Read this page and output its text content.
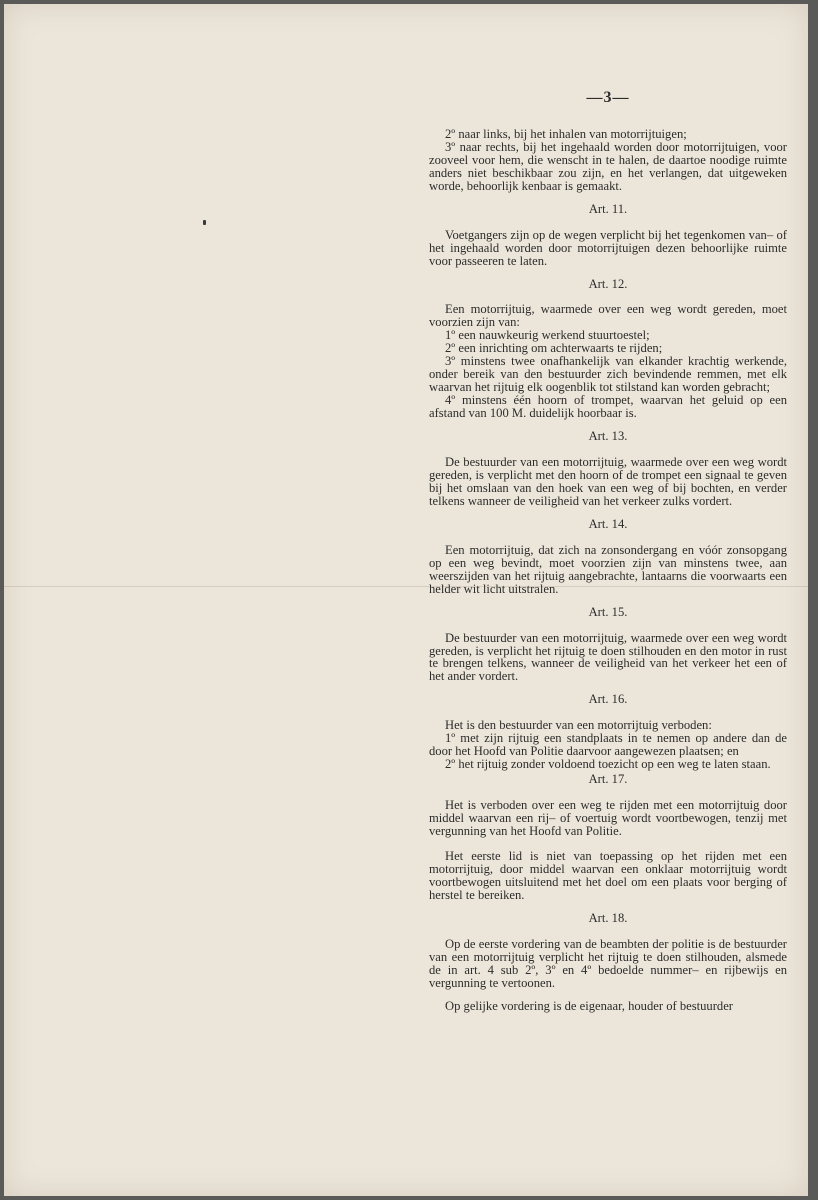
—3—

2º naar links, bij het inhalen van motorrijtuigen;

3º naar rechts, bij het ingehaald worden door motorrijtuigen, voor zooveel voor hem, die wenscht in te halen, de daartoe noodige ruimte anders niet beschikbaar zou zijn, en het verlangen, dat uitgeweken worde, behoorlijk kenbaar is gemaakt.

Art. 11.

Voetgangers zijn op de wegen verplicht bij het tegenkomen van– of het ingehaald worden door motorrijtuigen dezen behoorlijke ruimte voor passeeren te laten.

Art. 12.

Een motorrijtuig, waarmede over een weg wordt gereden, moet voorzien zijn van:

1º een nauwkeurig werkend stuurtoestel;

2º een inrichting om achterwaarts te rijden;

3º minstens twee onafhankelijk van elkander krachtig werkende, onder bereik van den bestuurder zich bevindende remmen, met elk waarvan het rijtuig elk oogenblik tot stilstand kan worden gebracht;

4º minstens één hoorn of trompet, waarvan het geluid op een afstand van 100 M. duidelijk hoorbaar is.

Art. 13.

De bestuurder van een motorrijtuig, waarmede over een weg wordt gereden, is verplicht met den hoorn of de trompet een signaal te geven bij het omslaan van den hoek van een weg of bij bochten, en verder telkens wanneer de veiligheid van het verkeer zulks vordert.

Art. 14.

Een motorrijtuig, dat zich na zonsondergang en vóór zonsopgang op een weg bevindt, moet voorzien zijn van minstens twee, aan weerszijden van het rijtuig aangebrachte, lantaarns die voorwaarts een helder wit licht uitstralen.

Art. 15.

De bestuurder van een motorrijtuig, waarmede over een weg wordt gereden, is verplicht het rijtuig te doen stilhouden en den motor in rust te brengen telkens, wanneer de veiligheid van het verkeer het een of het ander vordert.

Art. 16.

Het is den bestuurder van een motorrijtuig verboden:

1º met zijn rijtuig een standplaats in te nemen op andere dan de door het Hoofd van Politie daarvoor aangewezen plaatsen; en

2º het rijtuig zonder voldoend toezicht op een weg te laten staan.

Art. 17.

Het is verboden over een weg te rijden met een motorrijtuig door middel waarvan een rij– of voertuig wordt voortbewogen, tenzij met vergunning van het Hoofd van Politie.

Het eerste lid is niet van toepassing op het rijden met een motorrijtuig, door middel waarvan een onklaar motorrijtuig wordt voortbewogen uitsluitend met het doel om een plaats voor berging of herstel te bereiken.

Art. 18.

Op de eerste vordering van de beambten der politie is de bestuurder van een motorrijtuig verplicht het rijtuig te doen stilhouden, alsmede de in art. 4 sub 2º, 3º en 4º bedoelde nummer– en rijbewijs en vergunning te vertoonen.

Op gelijke vordering is de eigenaar, houder of bestuurder
